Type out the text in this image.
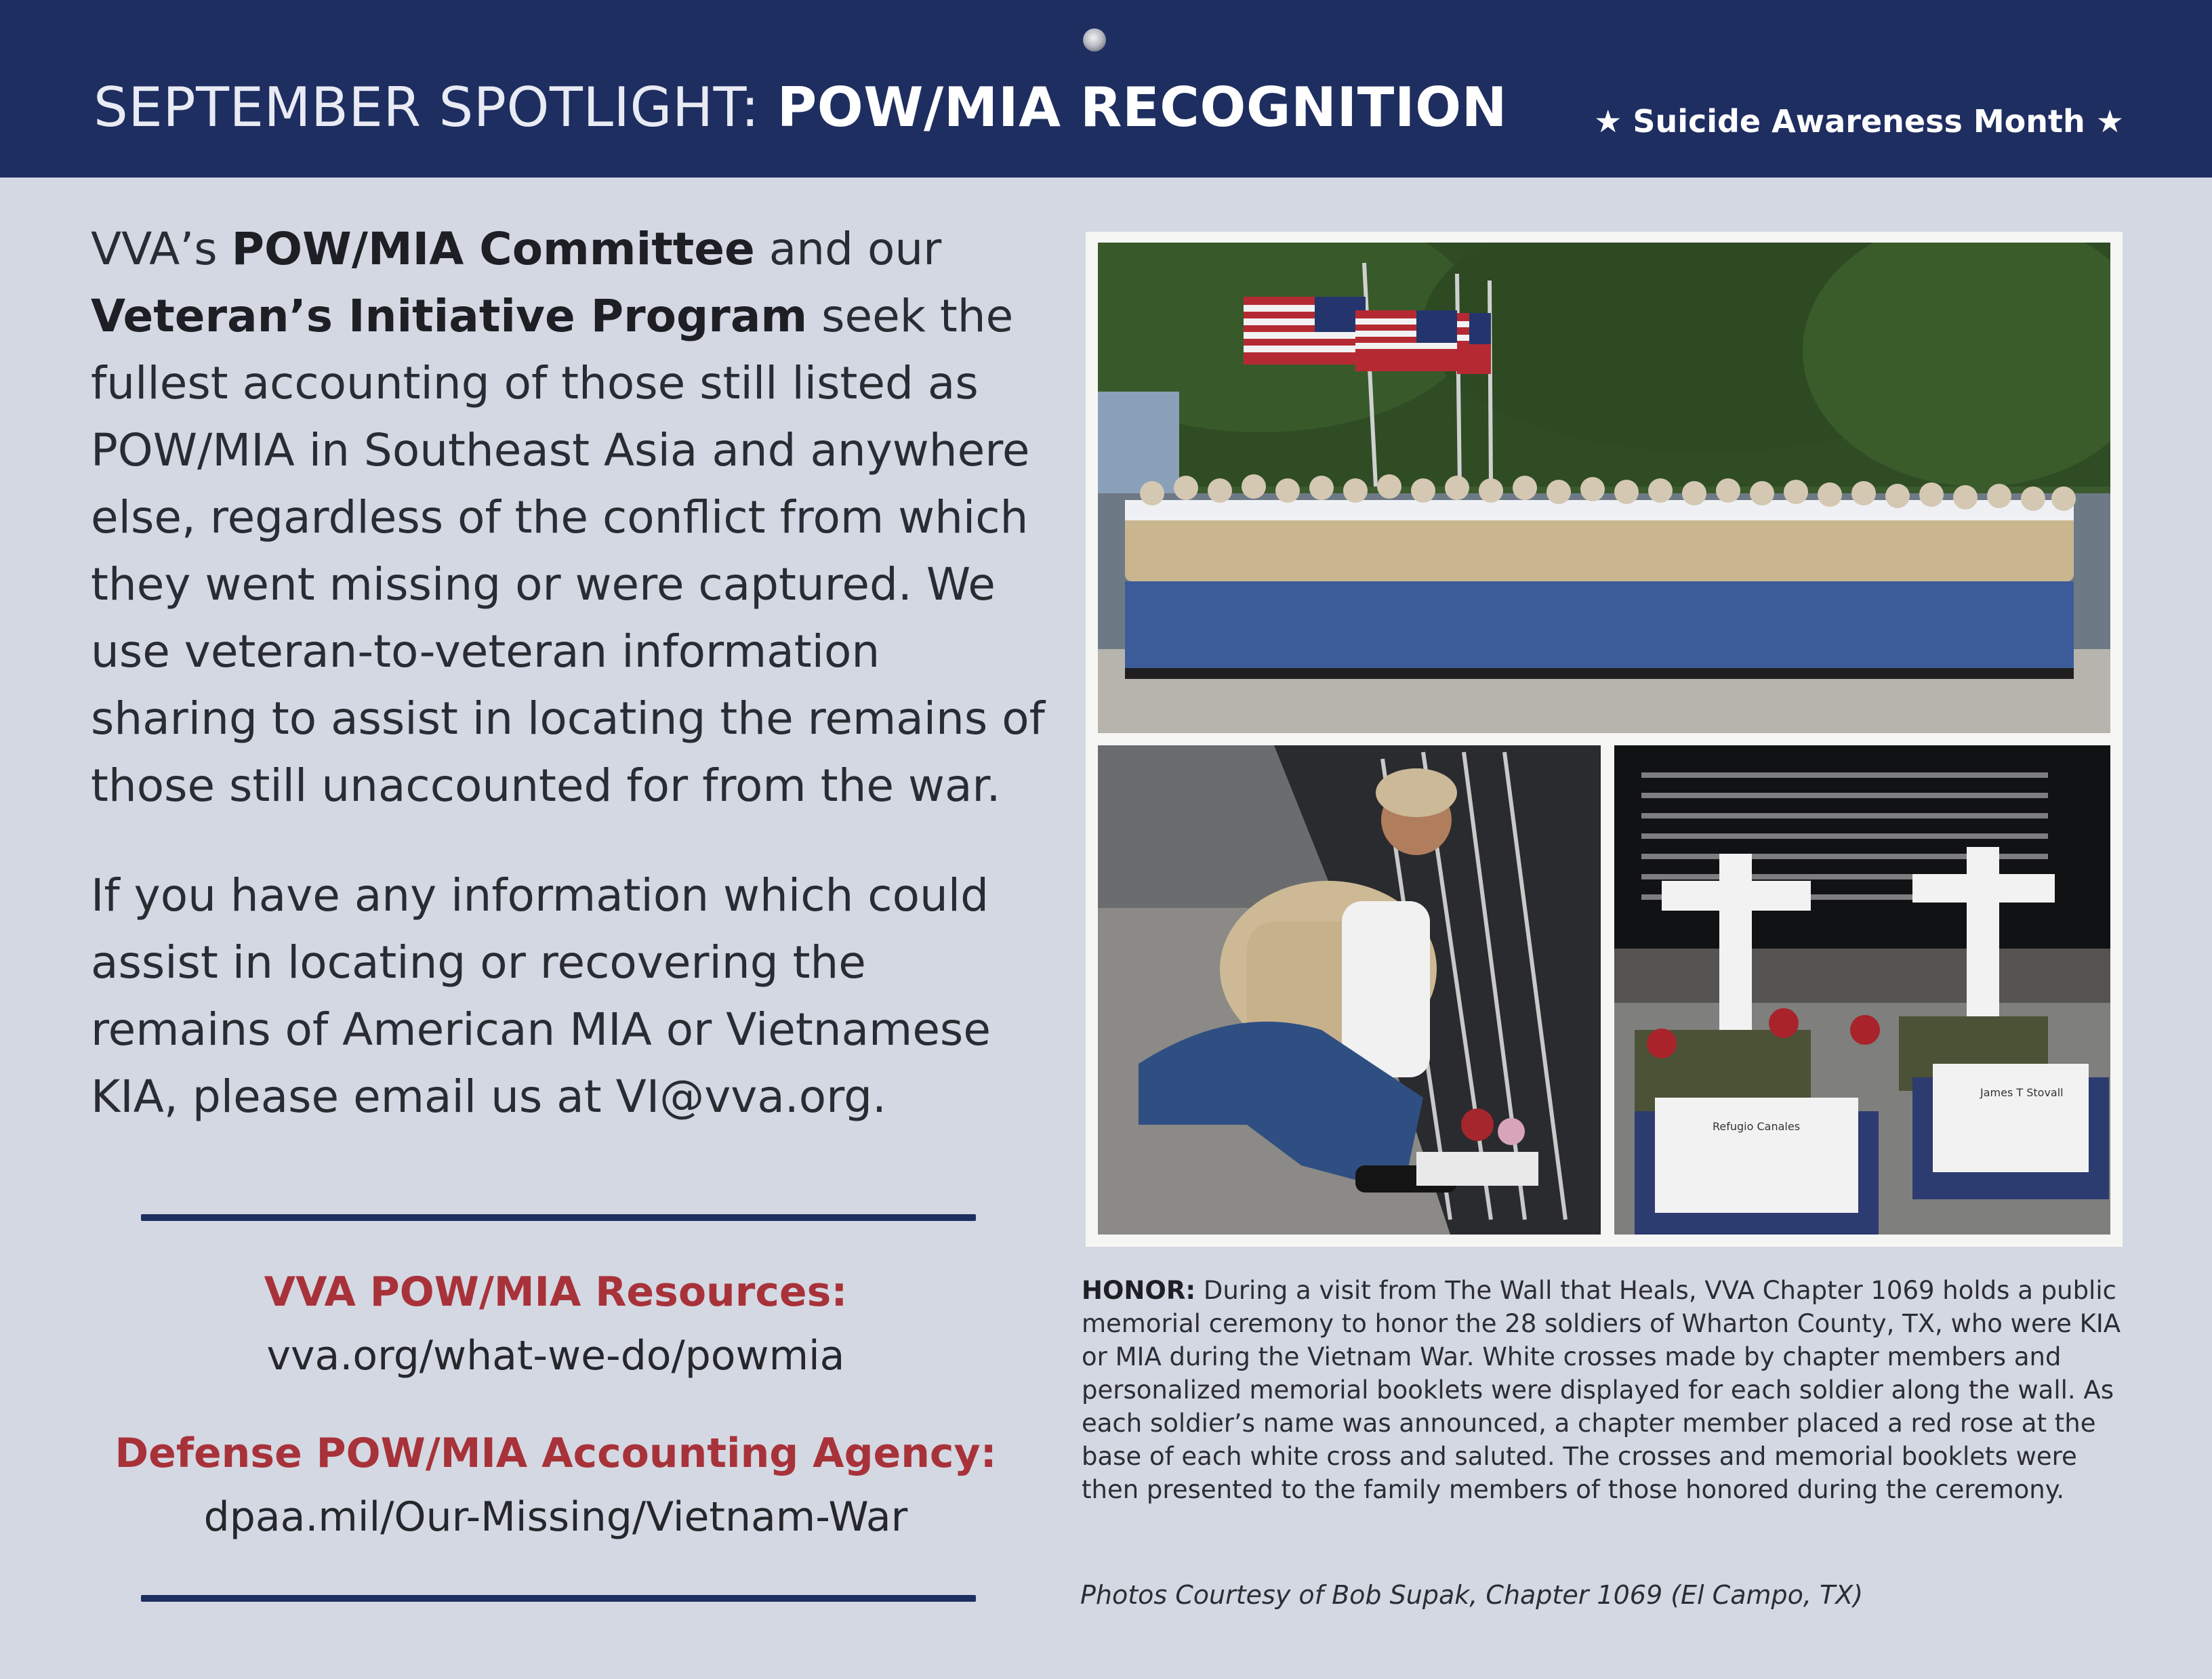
SEPTEMBER SPOTLIGHT: POW/MIA RECOGNITION	★ Suicide Awareness Month ★
VVA’s POW/MIA Committee and our Veteran’s Initiative Program seek the fullest accounting of those still listed as POW/MIA in Southeast Asia and anywhere else, regardless of the conflict from which they went missing or were captured. We use veteran-to-veteran information sharing to assist in locating the remains of those still unaccounted for from the war.
If you have any information which could assist in locating or recovering the remains of American MIA or Vietnamese KIA, please email us at VI@vva.org.
VVA POW/MIA Resources:
vva.org/what-we-do/powmia
Defense POW/MIA Accounting Agency:
dpaa.mil/Our-Missing/Vietnam-War
Refugio Canales
James T Stovall
HONOR: During a visit from The Wall that Heals, VVA Chapter 1069 holds a public memorial ceremony to honor the 28 soldiers of Wharton County, TX, who were KIA or MIA during the Vietnam War. White crosses made by chapter members and personalized memorial booklets were displayed for each soldier along the wall. As each soldier’s name was announced, a chapter member placed a red rose at the base of each white cross and saluted. The crosses and memorial booklets were then presented to the family members of those honored during the ceremony.
Photos Courtesy of Bob Supak, Chapter 1069 (El Campo, TX)
